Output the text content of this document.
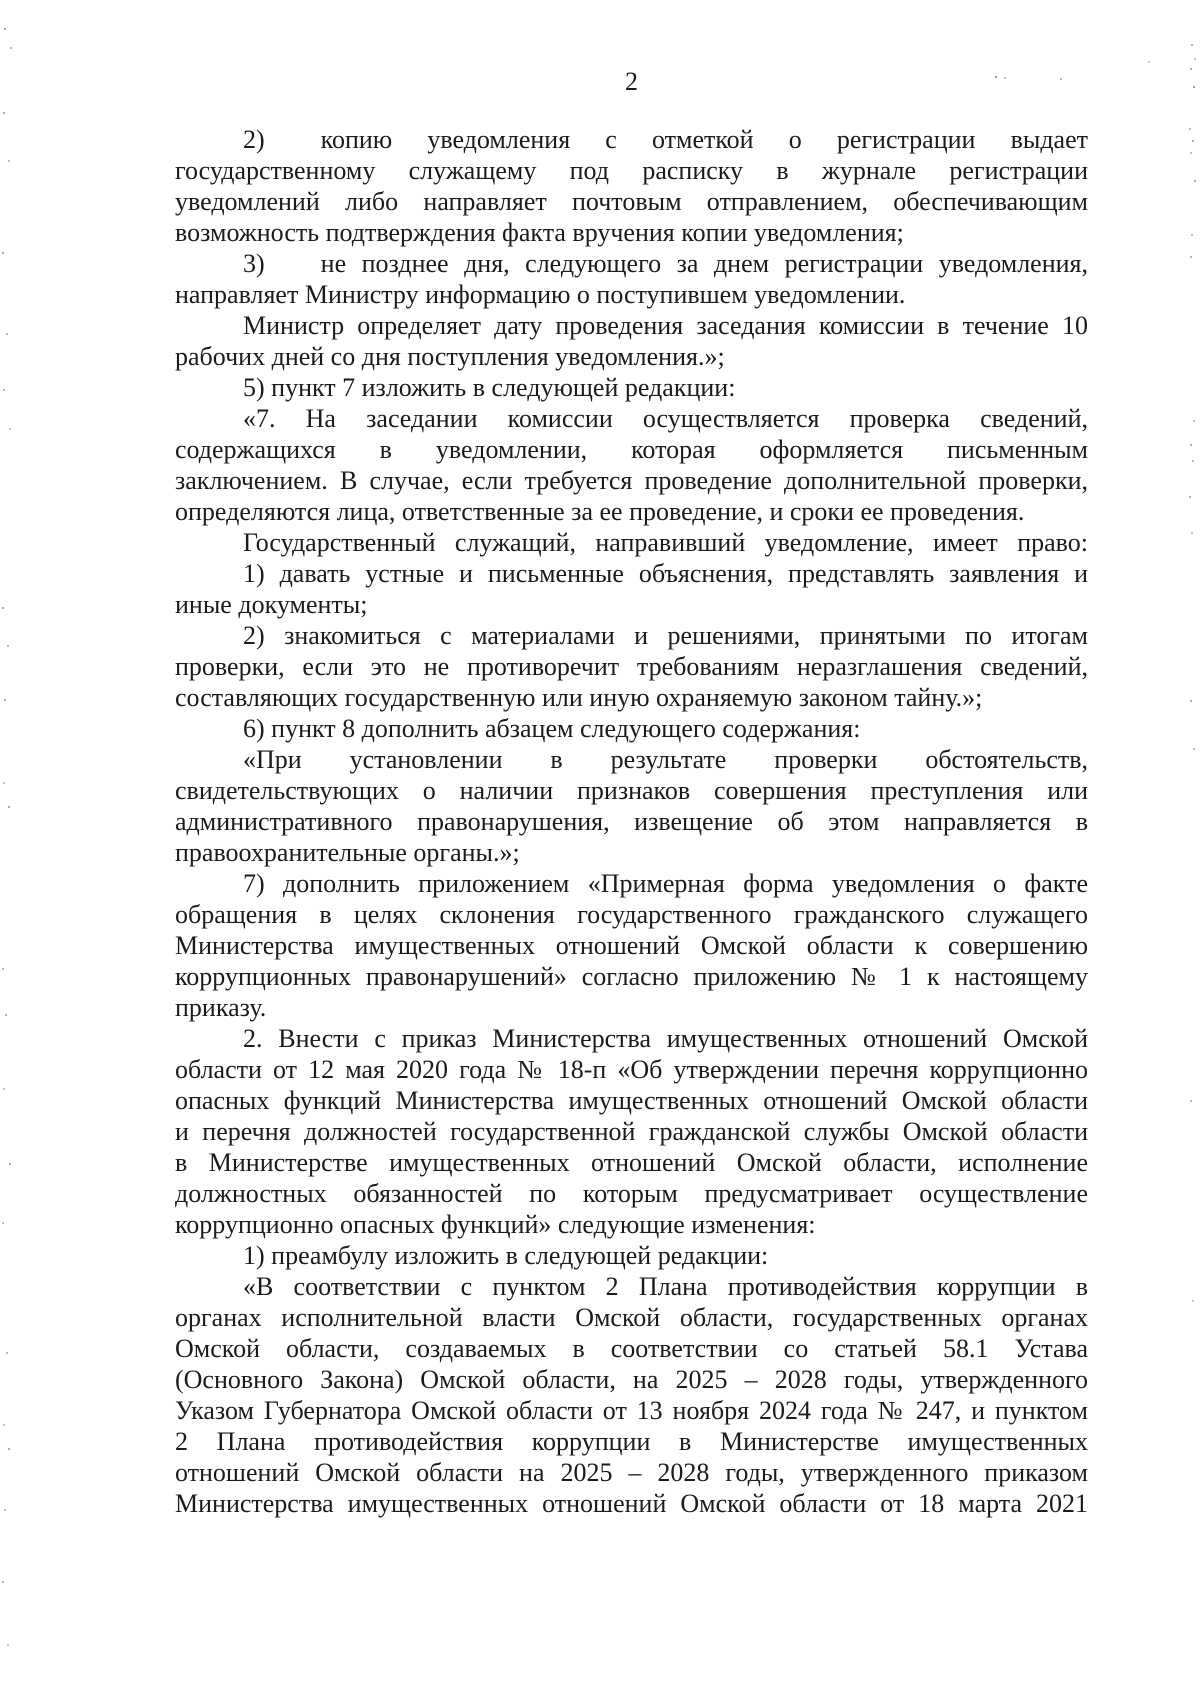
2
2) копию уведомления с отметкой о регистрации выдает
государственному служащему под расписку в журнале регистрации
уведомлений либо направляет почтовым отправлением, обеспечивающим
возможность подтверждения факта вручения копии уведомления;
3) не позднее дня, следующего за днем регистрации уведомления,
направляет Министру информацию о поступившем уведомлении.
Министр определяет дату проведения заседания комиссии в течение 10
рабочих дней со дня поступления уведомления.»;
5) пункт 7 изложить в следующей редакции:
«7. На заседании комиссии осуществляется проверка сведений,
содержащихся в уведомлении, которая оформляется письменным
заключением. В случае, если требуется проведение дополнительной проверки,
определяются лица, ответственные за ее проведение, и сроки ее проведения.
Государственный служащий, направивший уведомление, имеет право:
1) давать устные и письменные объяснения, представлять заявления и
иные документы;
2) знакомиться с материалами и решениями, принятыми по итогам
проверки, если это не противоречит требованиям неразглашения сведений,
составляющих государственную или иную охраняемую законом тайну.»;
6) пункт 8 дополнить абзацем следующего содержания:
«При установлении в результате проверки обстоятельств,
свидетельствующих о наличии признаков совершения преступления или
административного правонарушения, извещение об этом направляется в
правоохранительные органы.»;
7) дополнить приложением «Примерная форма уведомления о факте
обращения в целях склонения государственного гражданского служащего
Министерства имущественных отношений Омской области к совершению
коррупционных правонарушений» согласно приложению № 1 к настоящему
приказу.
2. Внести с приказ Министерства имущественных отношений Омской
области от 12 мая 2020 года № 18-п «Об утверждении перечня коррупционно
опасных функций Министерства имущественных отношений Омской области
и перечня должностей государственной гражданской службы Омской области
в Министерстве имущественных отношений Омской области, исполнение
должностных обязанностей по которым предусматривает осуществление
коррупционно опасных функций» следующие изменения:
1) преамбулу изложить в следующей редакции:
«В соответствии с пунктом 2 Плана противодействия коррупции в
органах исполнительной власти Омской области, государственных органах
Омской области, создаваемых в соответствии со статьей 58.1 Устава
(Основного Закона) Омской области, на 2025 – 2028 годы, утвержденного
Указом Губернатора Омской области от 13 ноября 2024 года № 247, и пунктом
2 Плана противодействия коррупции в Министерстве имущественных
отношений Омской области на 2025 – 2028 годы, утвержденного приказом
Министерства имущественных отношений Омской области от 18 марта 2021
